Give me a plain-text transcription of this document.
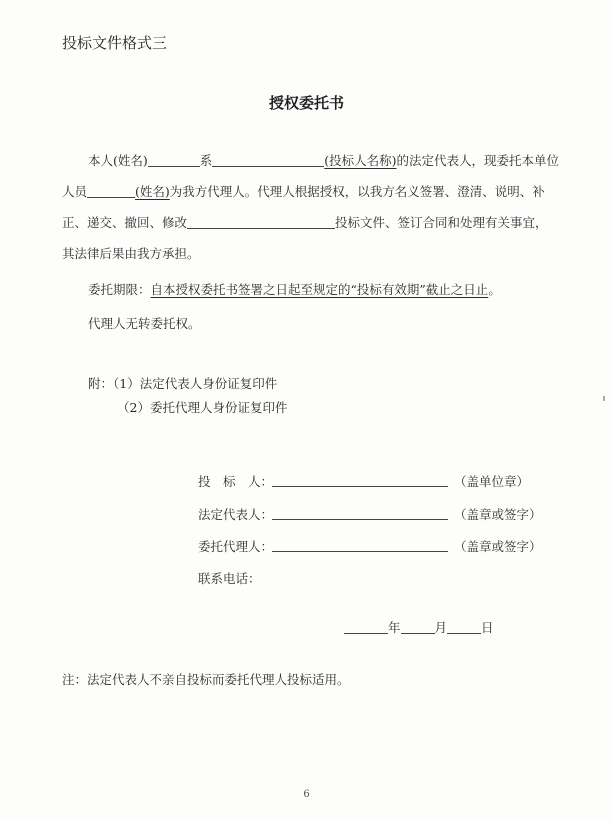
投标文件格式三
授权委托书
本人(姓名)	系	(投标人名称)的法定代表人，现委托本单位
人员	(姓名)为我方代理人。代理人根据授权，以我方名义签署、澄清、说明、补
正、递交、撤回、修改	投标文件、签订合同和处理有关事宜，
其法律后果由我方承担。
委托期限：自本授权委托书签署之日起至规定的“投标有效期”截止之日止。
代理人无转委托权。
附：（1）法定代表人身份证复印件
（2）委托代理人身份证复印件
投　标　人：	（盖单位章）
法定代表人：	（盖章或签字）
委托代理人：	（盖章或签字）
联系电话：
年	月	日
注：法定代表人不亲自投标而委托代理人投标适用。
6
